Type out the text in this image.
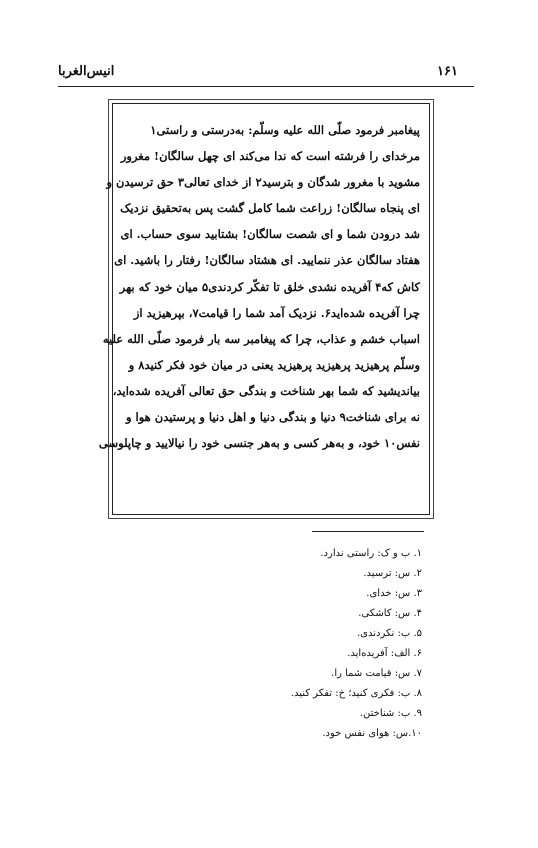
۱۶۱
انیس‌الغربا
پیغامبر فرمود صلّی الله علیه وسلّم: به‌درستی و راستی۱
مرخدای را فرشته است که ندا می‌کند ای چهل سالگان! مغرور
مشوید با مغرور شدگان و بترسید۲ از خدای تعالی۳ حق ترسیدن و
ای پنجاه سالگان! زراعت شما کامل گشت پس به‌تحقیق نزدیک
شد درودن شما و ای شصت سالگان! بشتابید سوی حساب. ای
هفتاد سالگان عذر ننمایید. ای هشتاد سالگان! رفتار را باشید. ای
کاش که۴ آفریده نشدی خلق تا تفکّر کردندی۵ میان خود که بهر
چرا آفریده شده‌اید۶. نزدیک آمد شما را قیامت۷، بپرهیزید از
اسباب خشم و عذاب، چرا که پیغامبر سه بار فرمود صلّی الله علیه
وسلّم پرهیزید پرهیزید پرهیزید یعنی در میان خود فکر کنید۸ و
بیاندیشید که شما بهر شناخت و بندگی حق تعالی آفریده شده‌اید،
نه برای شناخت۹ دنیا و بندگی دنیا و اهل دنیا و پرستیدن هوا و
نفس۱۰ خود، و به‌هر کسی و به‌هر جنسی خود را نیالایید و چاپلوسی
۱. ب و ک: راستی ندارد.
۲. س: ترسید.
۳. س: خدای.
۴. س: کاشکی.
۵. ب: نکردندی.
۶. الف: آفریده‌اید.
۷. س: قیامت شما را.
۸. ب: فکری کنید؛ خ: تفکر کنید.
۹. ب: شناختن.
۱۰.س: هوای نفس خود.
